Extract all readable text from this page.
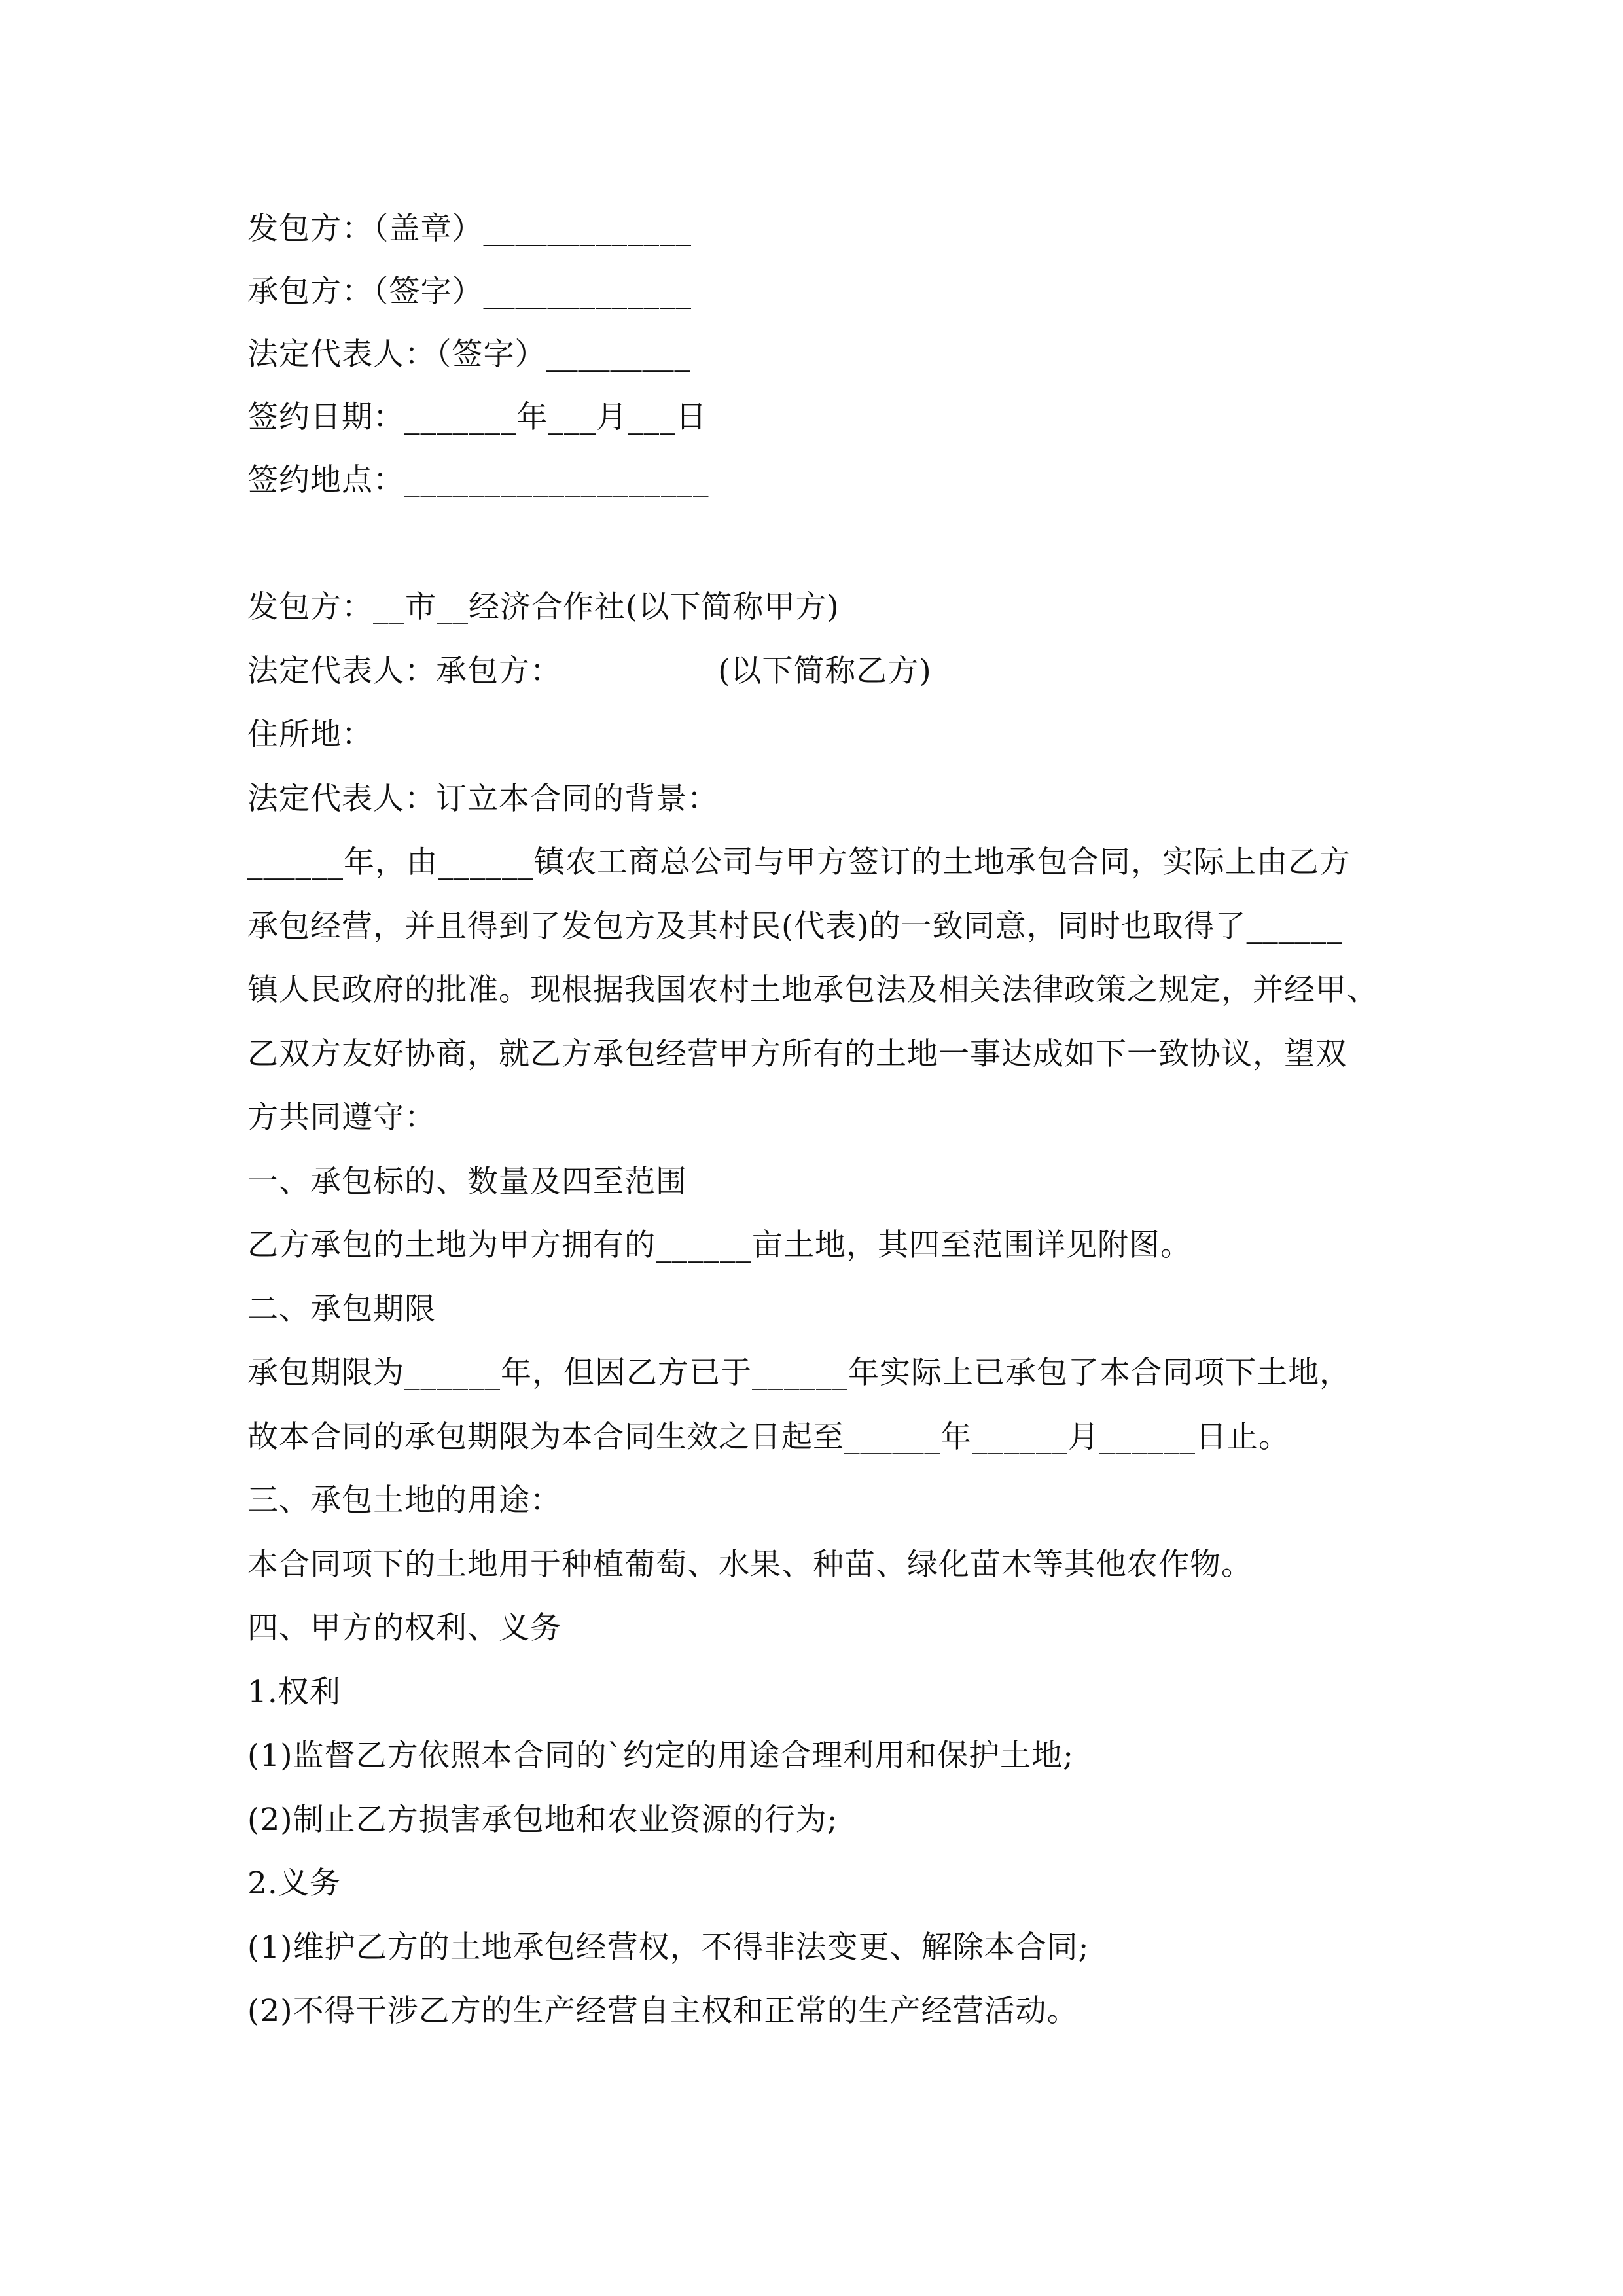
发包方：（盖章）_____________

承包方：（签字）_____________

法定代表人：（签字）_________

签约日期：_______年___月___日

签约地点：___________________

发包方：__市__经济合作社(以下简称甲方)

法定代表人：承包方：               (以下简称乙方)

住所地：

法定代表人：订立本合同的背景：

______年，由______镇农工商总公司与甲方签订的土地承包合同，实际上由乙方

承包经营，并且得到了发包方及其村民(代表)的一致同意，同时也取得了______

镇人民政府的批准。现根据我国农村土地承包法及相关法律政策之规定，并经甲、

乙双方友好协商，就乙方承包经营甲方所有的土地一事达成如下一致协议，望双

方共同遵守：

一、承包标的、数量及四至范围

乙方承包的土地为甲方拥有的______亩土地，其四至范围详见附图。

二、承包期限

承包期限为______年，但因乙方已于______年实际上已承包了本合同项下土地，

故本合同的承包期限为本合同生效之日起至______年______月______日止。

三、承包土地的用途：

本合同项下的土地用于种植葡萄、水果、种苗、绿化苗木等其他农作物。

四、甲方的权利、义务

1.权利

(1)监督乙方依照本合同的`约定的用途合理利用和保护土地;

(2)制止乙方损害承包地和农业资源的行为;

2.义务

(1)维护乙方的土地承包经营权，不得非法变更、解除本合同;

(2)不得干涉乙方的生产经营自主权和正常的生产经营活动。
